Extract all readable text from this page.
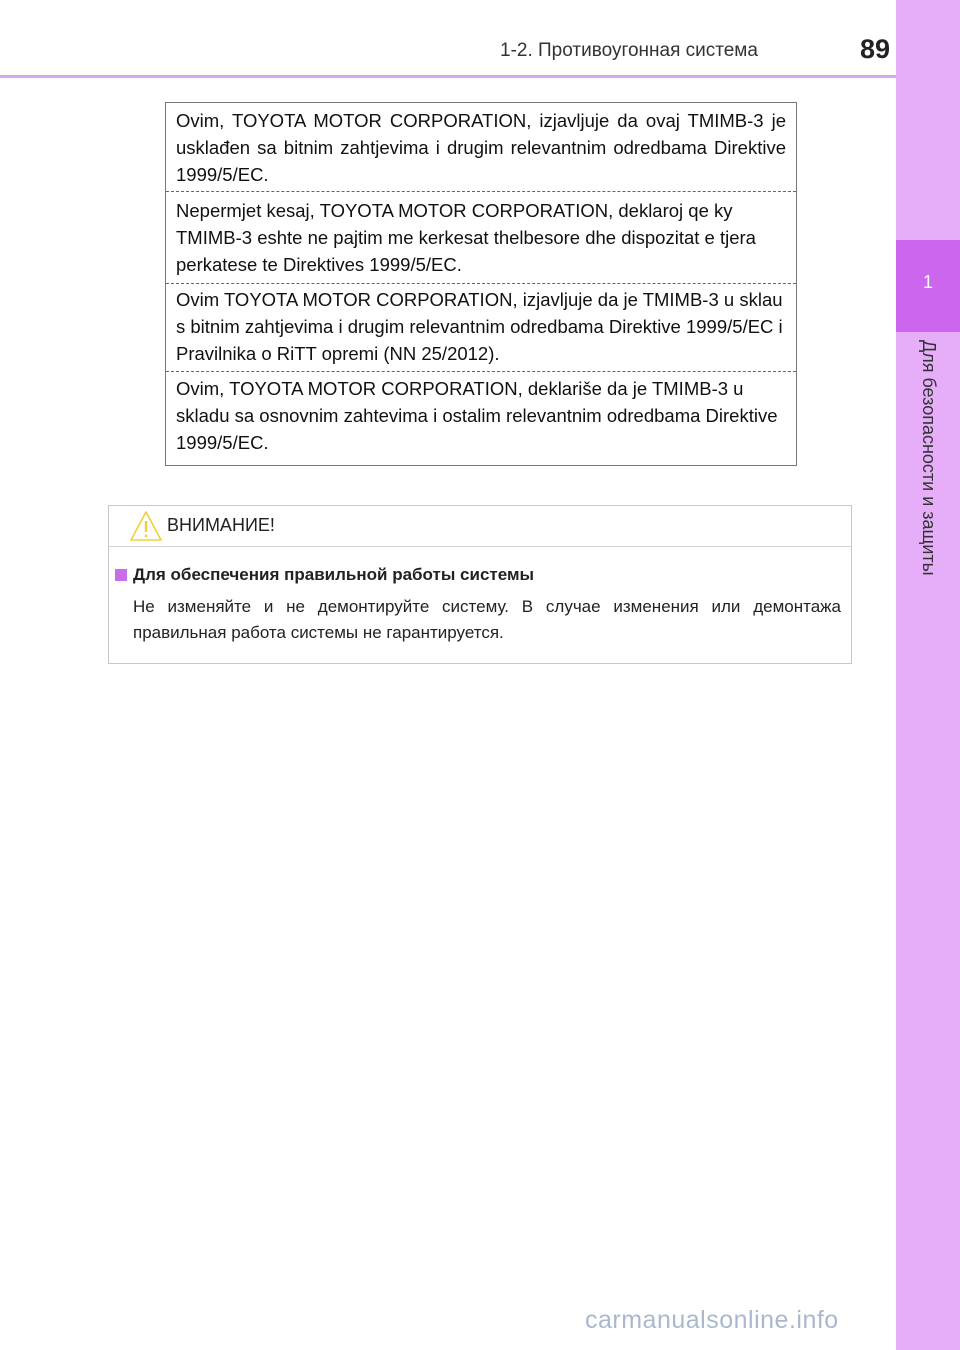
1-2. Противоугонная система	89
1
Для безопасности и защиты
Ovim, TOYOTA MOTOR CORPORATION, izjavljuje da ovaj TMIMB-3 je usklađen sa bitnim zahtjevima i drugim relevantnim odredbama Direktive 1999/5/EC.
Nepermjet kesaj, TOYOTA MOTOR CORPORATION, deklaroj qe ky TMIMB-3 eshte ne pajtim me kerkesat thelbesore dhe dispozitat e tjera perkatese te Direktives 1999/5/EC.
Ovim TOYOTA MOTOR CORPORATION, izjavljuje da je TMIMB-3 u sklau s bitnim zahtjevima i drugim relevantnim odredbama Direktive 1999/5/EC i Pravilnika o RiTT opremi (NN 25/2012).
Ovim, TOYOTA MOTOR CORPORATION, deklariše da je TMIMB-3 u skladu sa osnovnim zahtevima i ostalim relevantnim odredbama Direktive 1999/5/EC.
ВНИМАНИЕ!
Для обеспечения правильной работы системы
Не изменяйте и не демонтируйте систему. В случае изменения или демонтажа правильная работа системы не гарантируется.
carmanualsonline.info
